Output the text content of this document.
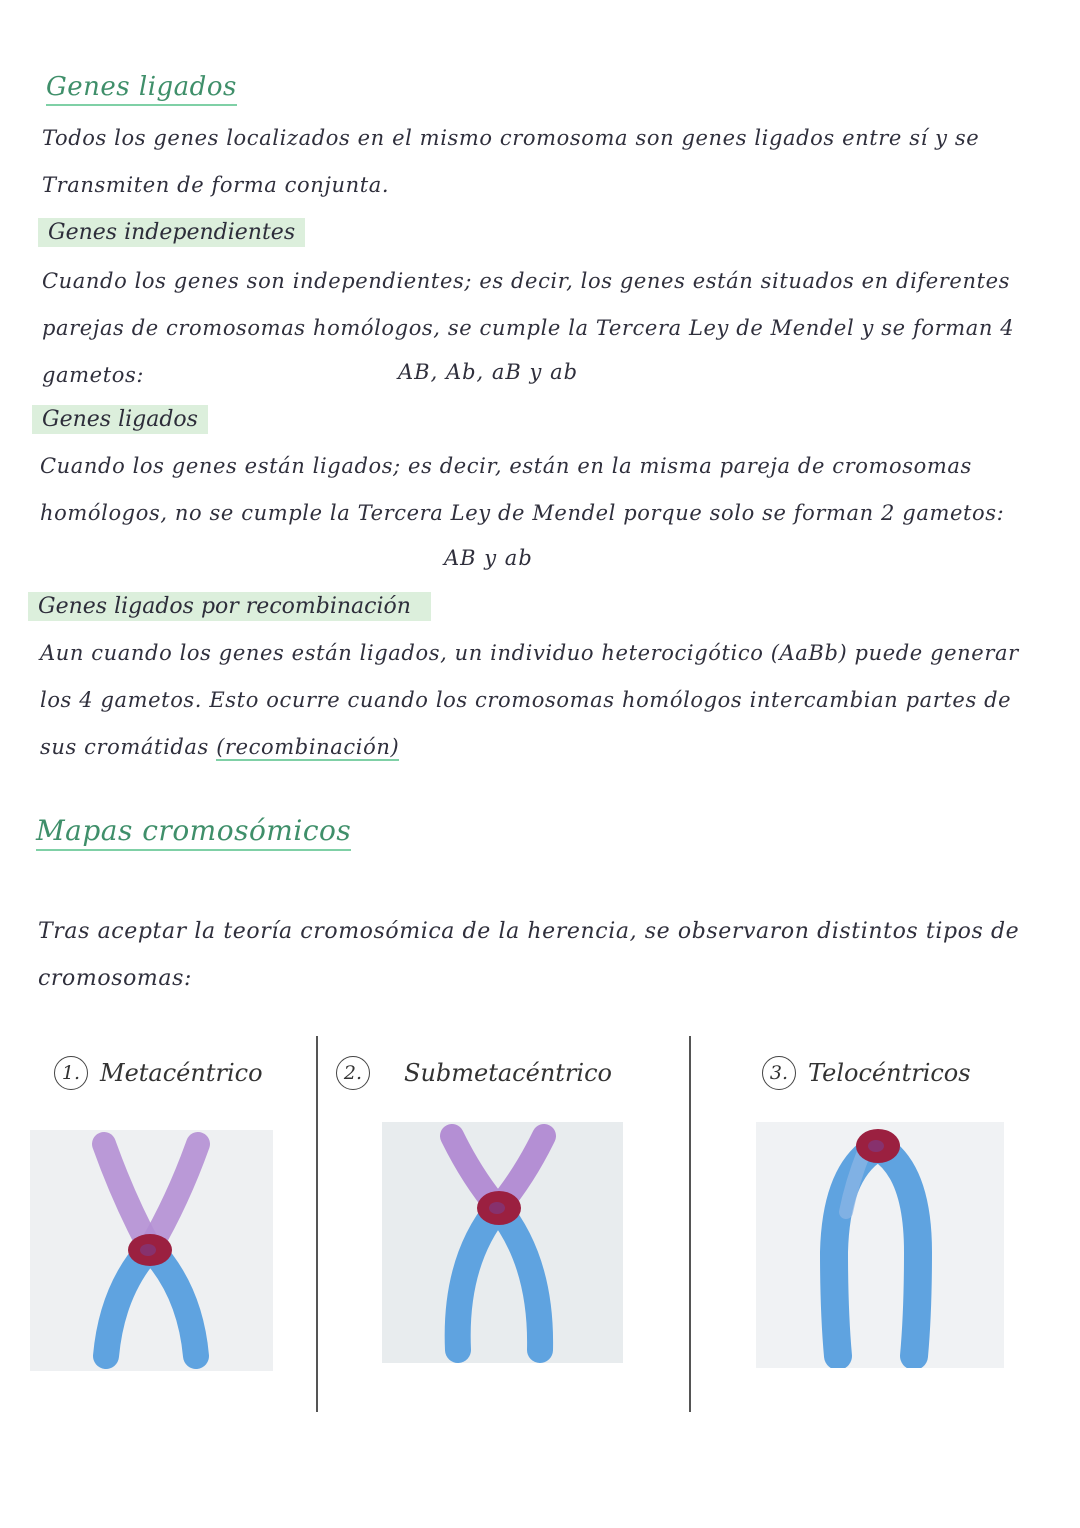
Genes ligados
Todos los genes localizados en el mismo cromosoma son genes ligados entre sí y se Transmiten de forma conjunta.
Genes independientes
Cuando los genes son independientes; es decir, los genes están situados en diferentes parejas de cromosomas homólogos, se cumple la Tercera Ley de Mendel y se forman 4 gametos:	AB, Ab, aB y ab
Genes ligados
Cuando los genes están ligados; es decir, están en la misma pareja de cromosomas homólogos, no se cumple la Tercera Ley de Mendel porque solo se forman 2 gametos:
AB y ab
Genes ligados por recombinación
Aun cuando los genes están ligados, un individuo heterocigótico (AaBb) puede generar los 4 gametos. Esto ocurre cuando los cromosomas homólogos intercambian partes de sus cromátidas (recombinación)
Mapas cromosómicos
Tras aceptar la teoría cromosómica de la herencia, se observaron distintos tipos de cromosomas:
1. Metacéntrico	2.	Submetacéntrico	3. Telocéntricos
